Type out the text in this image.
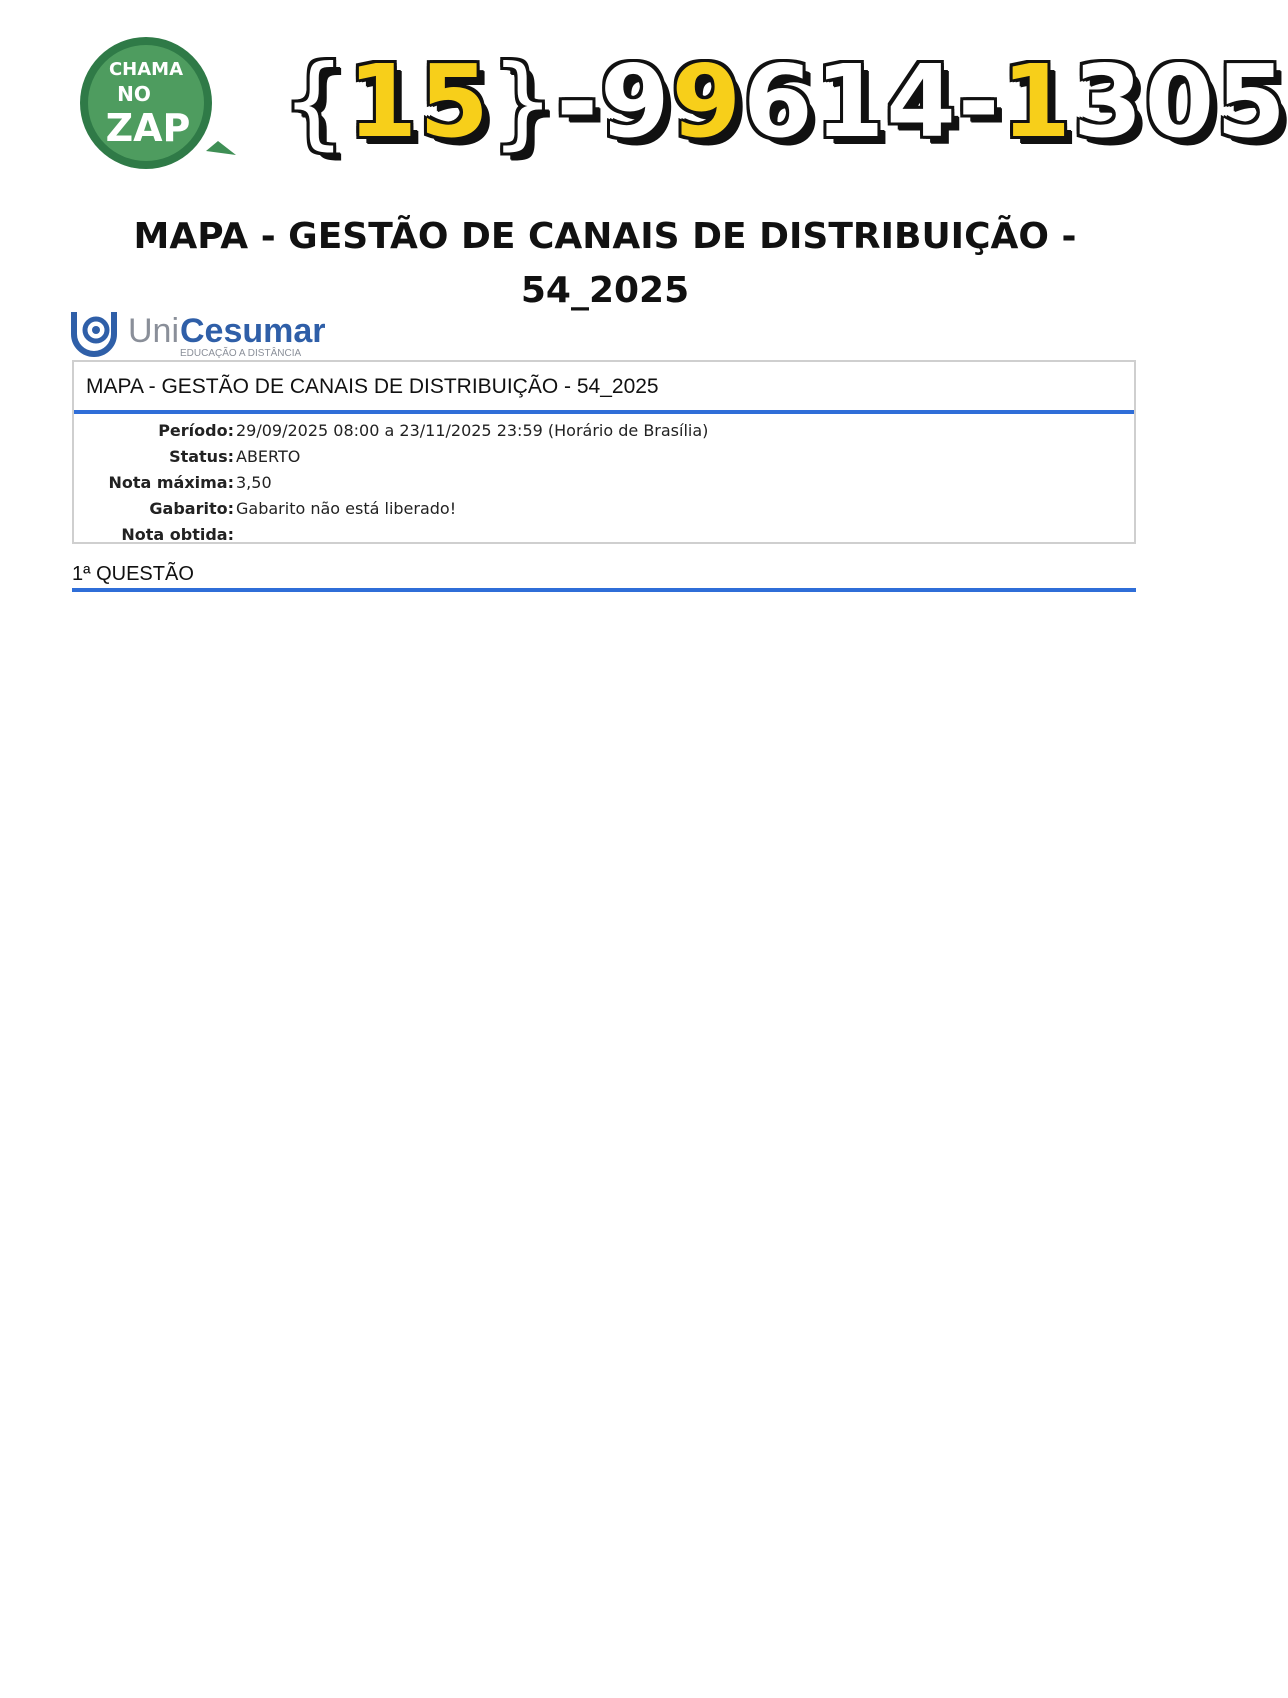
CHAMA
NO
ZAP {15}-99614-1305
MAPA - GESTÃO DE CANAIS DE DISTRIBUIÇÃO -
54_2025
Uni Cesumar
EDUCAÇÃO A DISTÂNCIA
MAPA - GESTÃO DE CANAIS DE DISTRIBUIÇÃO - 54_2025
Período: 29/09/2025 08:00 a 23/11/2025 23:59 (Horário de Brasília)
Status: ABERTO
Nota máxima: 3,50
Gabarito: Gabarito não está liberado!
Nota obtida:
1ª QUESTÃO
